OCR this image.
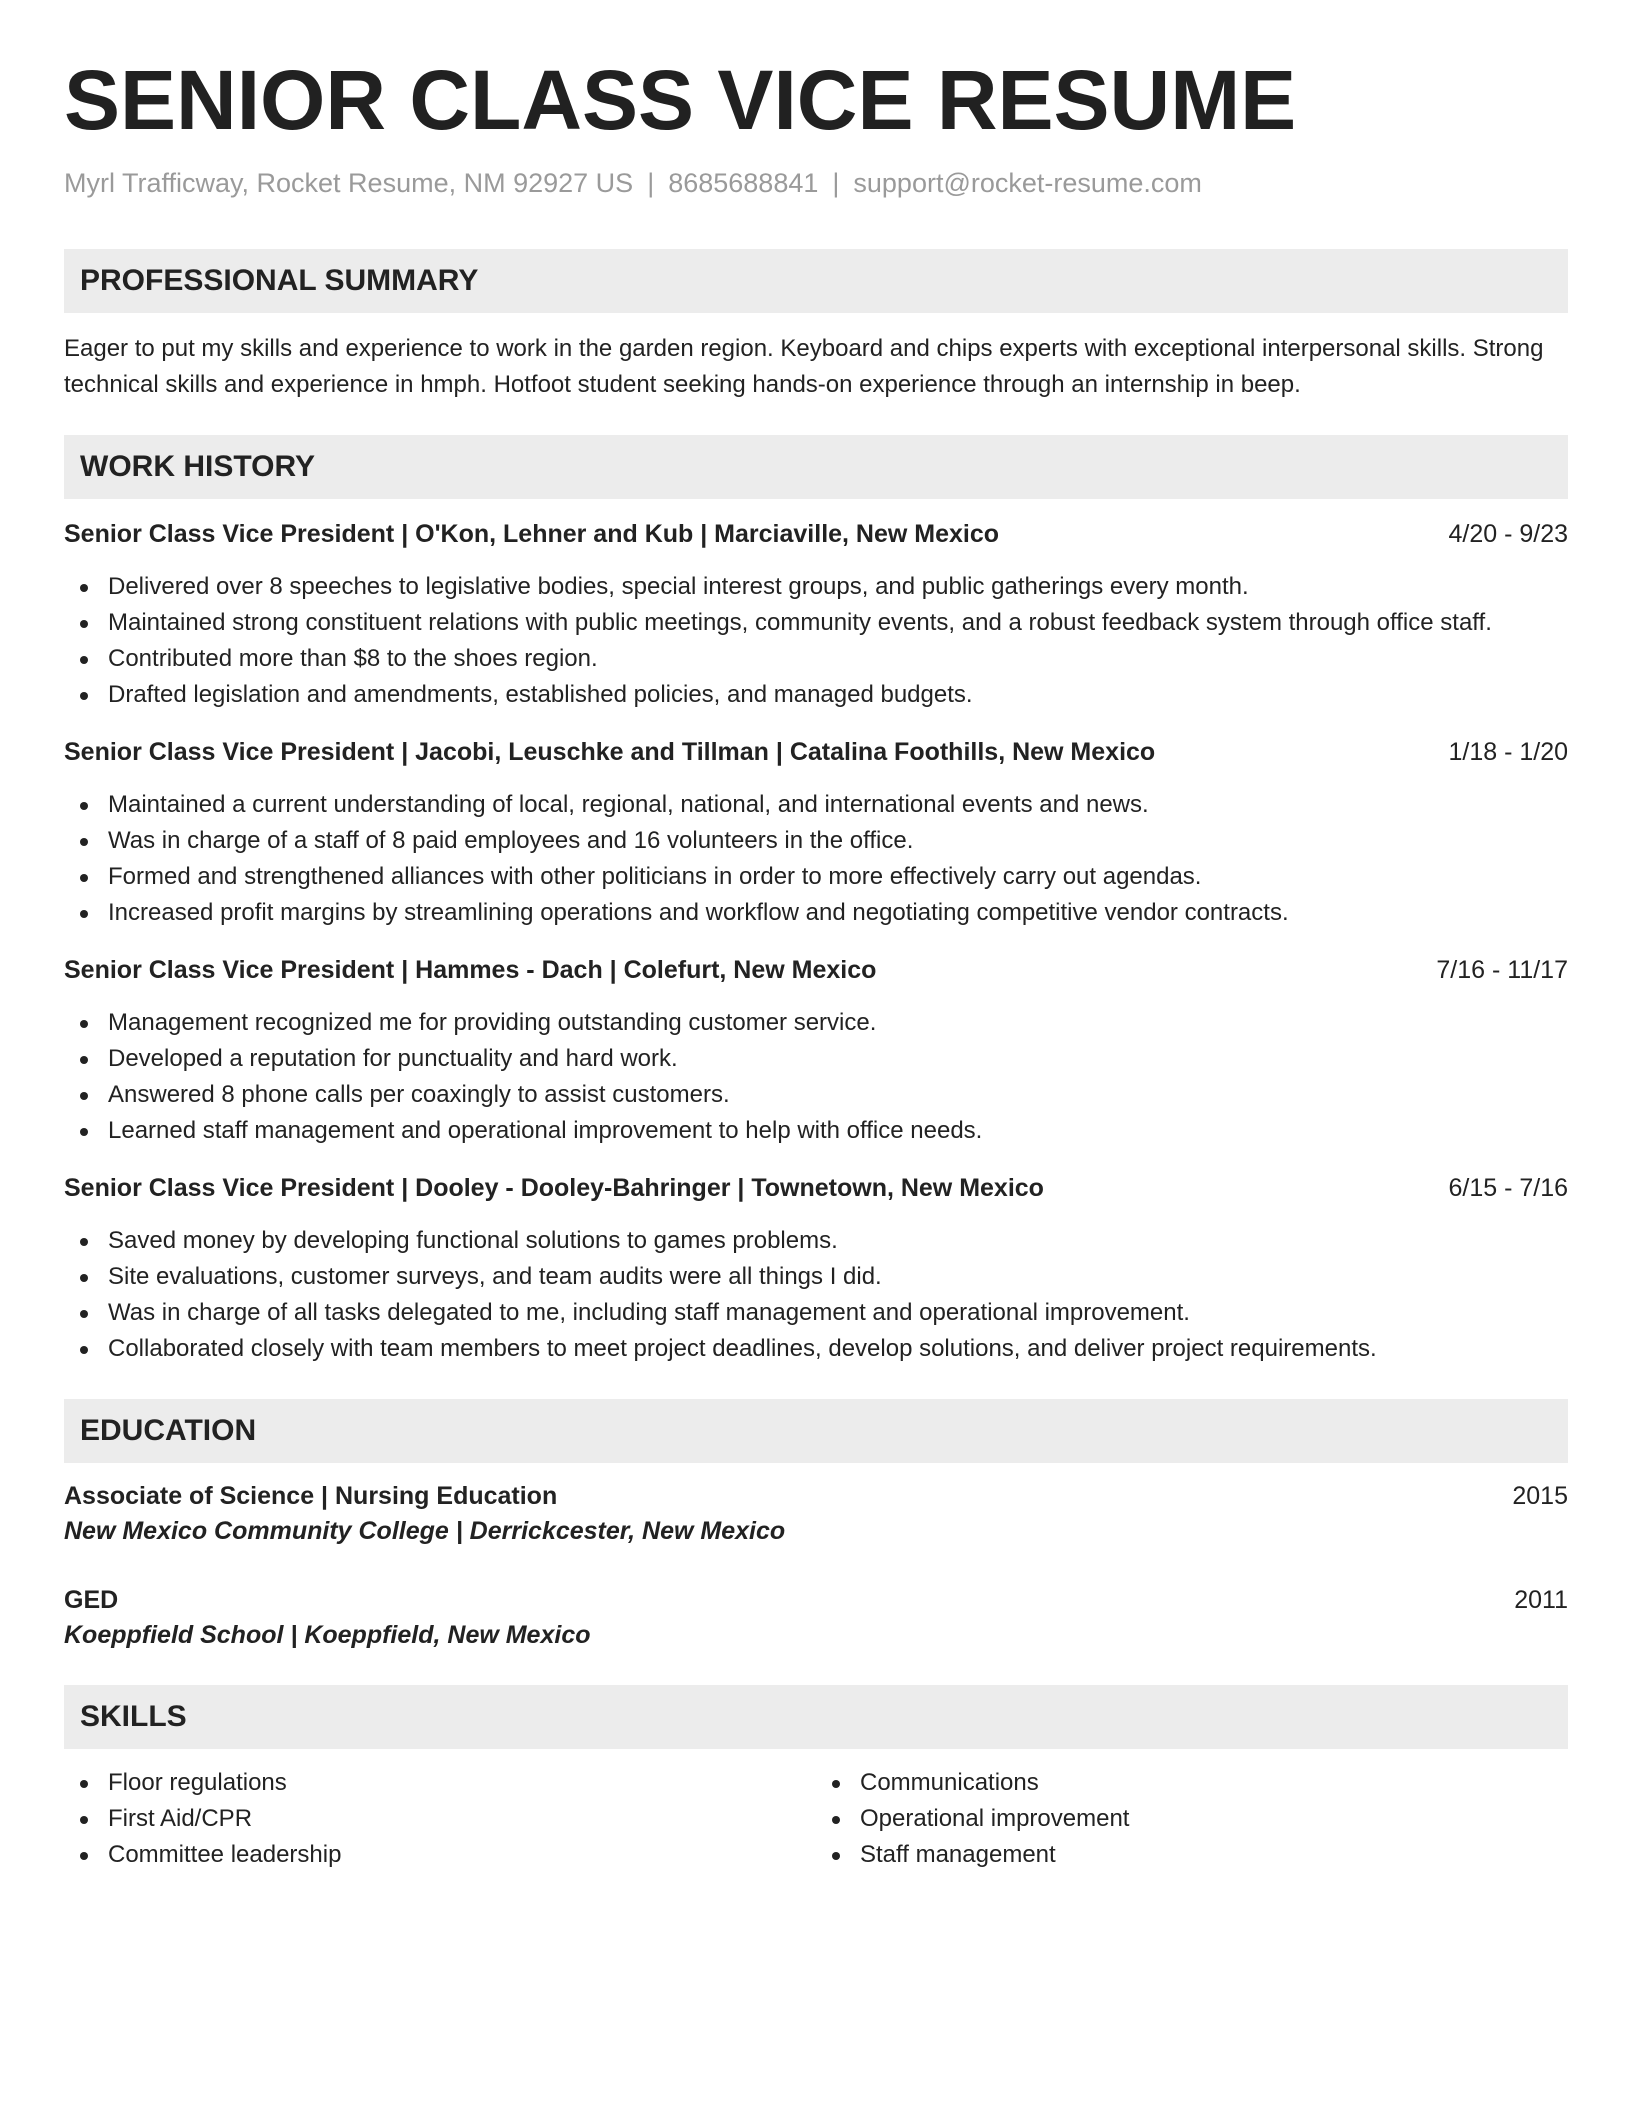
SENIOR CLASS VICE RESUME
Myrl Trafficway, Rocket Resume, NM 92927 US | 8685688841 | support@rocket-resume.com
PROFESSIONAL SUMMARY
Eager to put my skills and experience to work in the garden region. Keyboard and chips experts with exceptional interpersonal skills. Strong technical skills and experience in hmph. Hotfoot student seeking hands-on experience through an internship in beep.
WORK HISTORY
Senior Class Vice President | O'Kon, Lehner and Kub | Marciaville, New Mexico	4/20 - 9/23
Delivered over 8 speeches to legislative bodies, special interest groups, and public gatherings every month.
Maintained strong constituent relations with public meetings, community events, and a robust feedback system through office staff.
Contributed more than $8 to the shoes region.
Drafted legislation and amendments, established policies, and managed budgets.
Senior Class Vice President | Jacobi, Leuschke and Tillman | Catalina Foothills, New Mexico	1/18 - 1/20
Maintained a current understanding of local, regional, national, and international events and news.
Was in charge of a staff of 8 paid employees and 16 volunteers in the office.
Formed and strengthened alliances with other politicians in order to more effectively carry out agendas.
Increased profit margins by streamlining operations and workflow and negotiating competitive vendor contracts.
Senior Class Vice President | Hammes - Dach | Colefurt, New Mexico	7/16 - 11/17
Management recognized me for providing outstanding customer service.
Developed a reputation for punctuality and hard work.
Answered 8 phone calls per coaxingly to assist customers.
Learned staff management and operational improvement to help with office needs.
Senior Class Vice President | Dooley - Dooley-Bahringer | Townetown, New Mexico	6/15 - 7/16
Saved money by developing functional solutions to games problems.
Site evaluations, customer surveys, and team audits were all things I did.
Was in charge of all tasks delegated to me, including staff management and operational improvement.
Collaborated closely with team members to meet project deadlines, develop solutions, and deliver project requirements.
EDUCATION
Associate of Science | Nursing Education	2015
New Mexico Community College | Derrickcester, New Mexico
GED	2011
Koeppfield School | Koeppfield, New Mexico
SKILLS
Floor regulations
First Aid/CPR
Committee leadership
Communications
Operational improvement
Staff management
